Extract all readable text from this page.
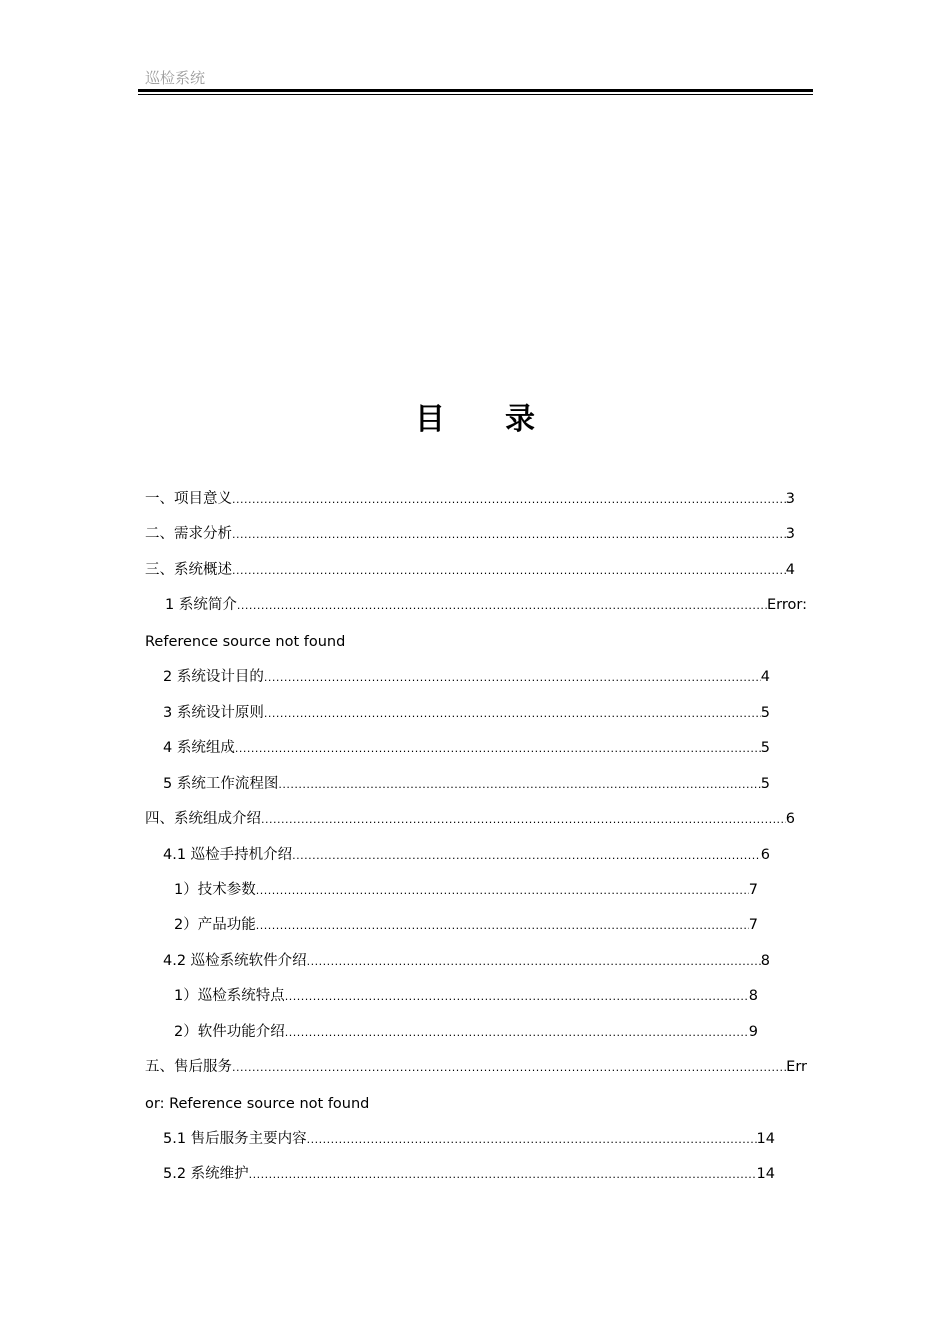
巡检系统
目 录
一、项目意义 .....	3
二、需求分析 .....	3
三、系统概述 .....	4
1 系统简介 .....	Error:
Reference source not found
2 系统设计目的 .....	4
3 系统设计原则 .....	5
4 系统组成 .....	5
5 系统工作流程图 .....	5
四、系统组成介绍 .....	6
4.1 巡检手持机介绍 .....	6
1）技术参数 .....	7
2）产品功能 .....	7
4.2 巡检系统软件介绍 .....	8
1）巡检系统特点 .....	8
2）软件功能介绍 .....	9
五、售后服务 .....	Err
or: Reference source not found
5.1 售后服务主要内容 .....	14
5.2 系统维护 .....	14
